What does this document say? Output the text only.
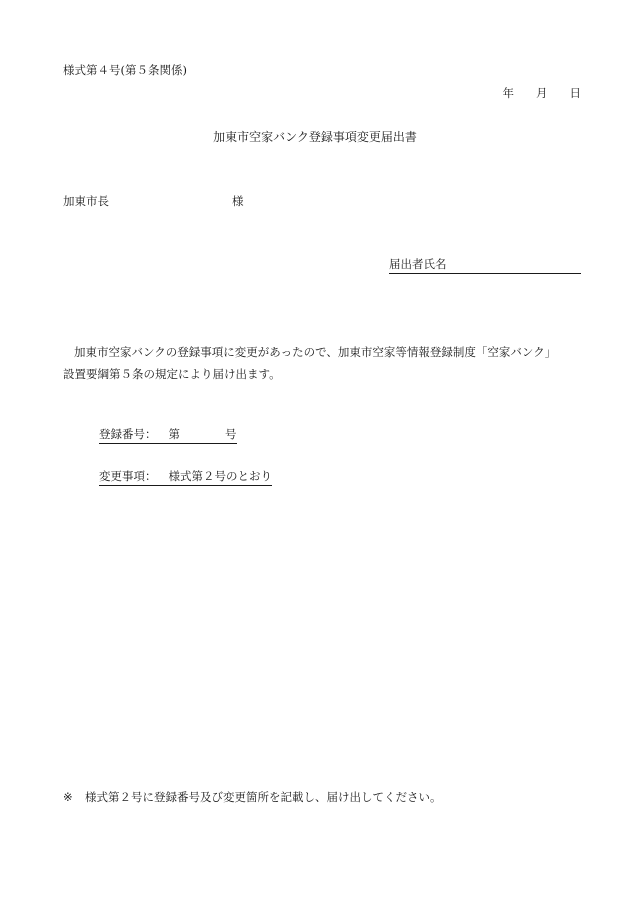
様式第４号(第５条関係)
年 月 日
加東市空家バンク登録事項変更届出書
加東市長	様
届出者氏名

加東市空家バンクの登録事項に変更があったので、加東市空家等情報登録制度「空家バンク」

設置要綱第５条の規定により届け出ます。

登録番号： 第	号
変更事項： 様式第２号のとおり
※ 様式第２号に登録番号及び変更箇所を記載し、届け出してください。
